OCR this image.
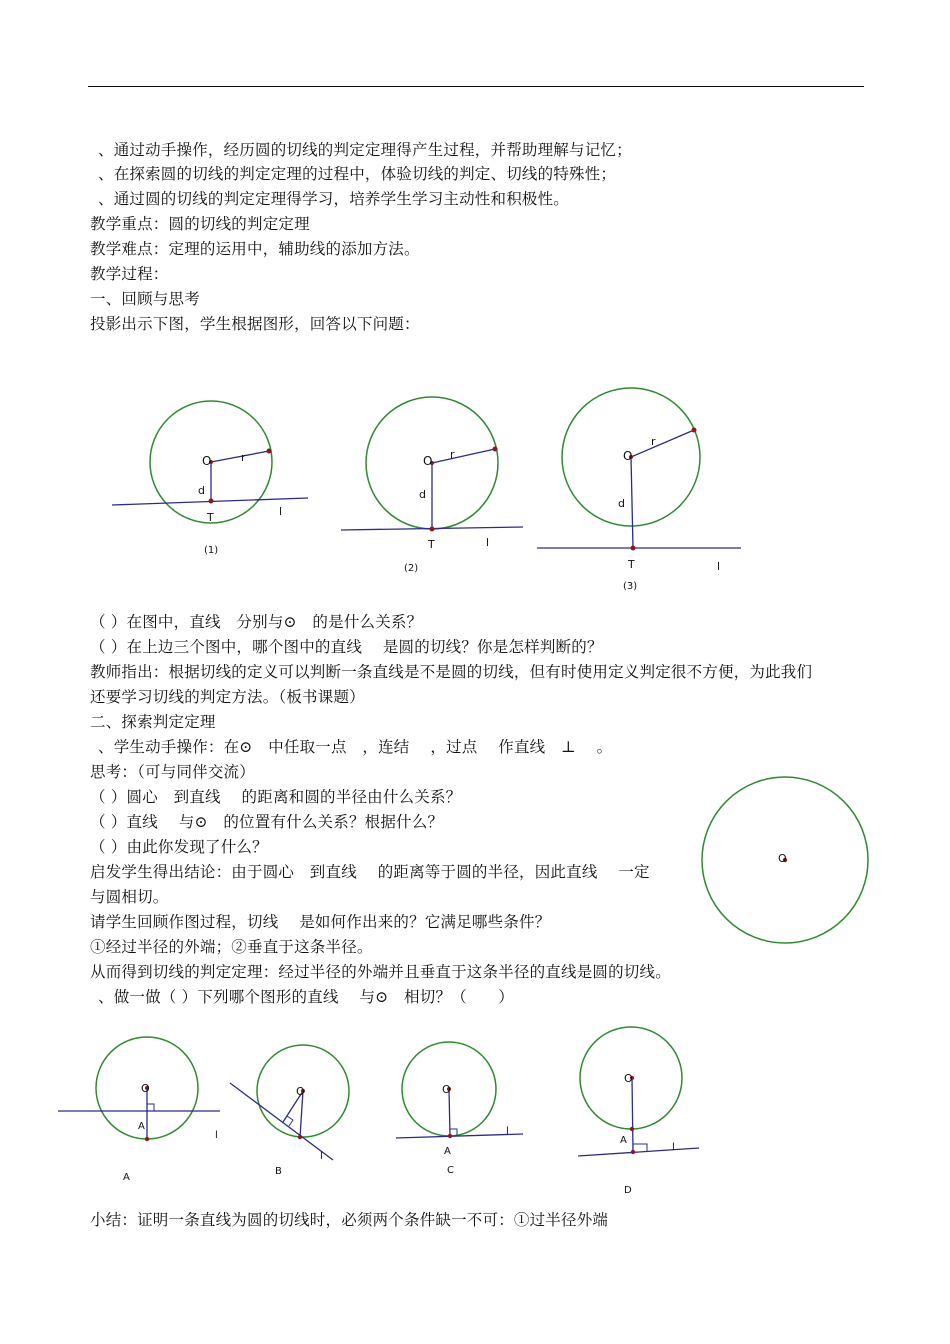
、通过动手操作，经历圆的切线的判定定理得产生过程，并帮助理解与记忆；
、在探索圆的切线的判定定理的过程中，体验切线的判定、切线的特殊性；
、通过圆的切线的判定定理得学习，培养学生学习主动性和积极性。
教学重点：圆的切线的判定定理
教学难点：定理的运用中，辅助线的添加方法。
教学过程：
一、回顾与思考
投影出示下图，学生根据图形，回答以下问题：
O	r
d
T	l
(1)
O r
d
T	l
(2)
O
r
d
T	l
(3)
O
O
A
l
A
O
l
B
O
A
l
C
O
A
l
D
（ ）在图中，直线　分别与⊙　的是什么关系？
（ ）在上边三个图中，哪个图中的直线　 是圆的切线？你是怎样判断的？
教师指出：根据切线的定义可以判断一条直线是不是圆的切线，但有时使用定义判定很不方便，为此我们
还要学习切线的判定方法。（板书课题）
二、探索判定定理
、学生动手操作：在⊙　中任取一点　，连结　 ，过点　 作直线　⊥　 。
思考：（可与同伴交流）
（ ）圆心　到直线　 的距离和圆的半径由什么关系？
（ ）直线　 与⊙　的位置有什么关系？根据什么？
（ ）由此你发现了什么？
启发学生得出结论：由于圆心　到直线　 的距离等于圆的半径，因此直线　 一定
与圆相切。
请学生回顾作图过程，切线　 是如何作出来的？它满足哪些条件？
①经过半径的外端；②垂直于这条半径。
从而得到切线的判定定理：经过半径的外端并且垂直于这条半径的直线是圆的切线。
、做一做（ ）下列哪个图形的直线　 与⊙　相切？（　　）
小结：证明一条直线为圆的切线时，必须两个条件缺一不可：①过半径外端
